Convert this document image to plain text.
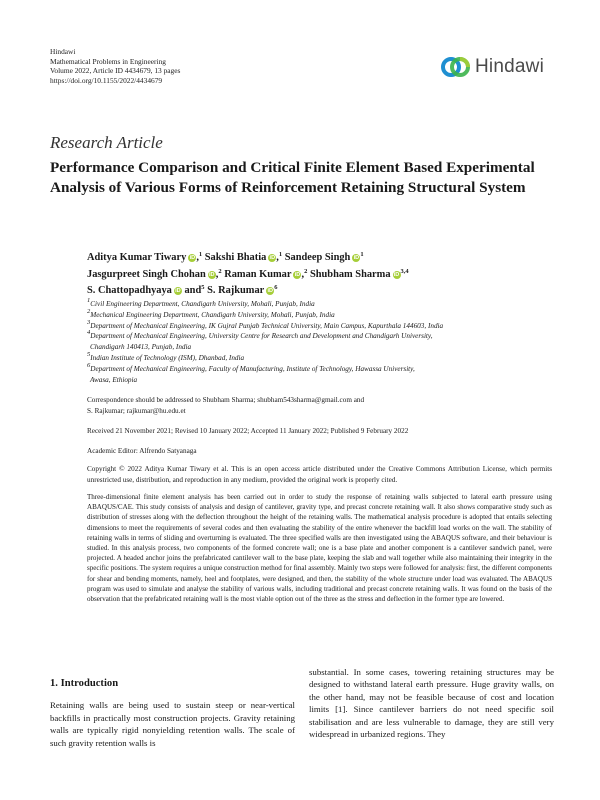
Hindawi
Mathematical Problems in Engineering
Volume 2022, Article ID 4434679, 13 pages
https://doi.org/10.1155/2022/4434679
Hindawi
Research Article
Performance Comparison and Critical Finite Element Based Experimental Analysis of Various Forms of Reinforcement Retaining Structural System
Aditya Kumar Tiwary iD,$^1$ Sakshi Bhatia iD,$^1$ Sandeep Singh $iD^1$
Jasgurpreet Singh Chohan iD,$^2$ Raman Kumar iD,$^2$ Shubham Sharma iD$^{3,4}$
S. Chattopadhyaya iD and$^5$ S. Rajkumar $iD^6$
$^1$Civil Engineering Department, Chandigarh University, Mohali, Punjab, India
$^2$Mechanical Engineering Department, Chandigarh University, Mohali, Punjab, India
$^3$Department of Mechanical Engineering, IK Gujral Punjab Technical University, Main Campus, Kapurthala 144603, India
$^4$Department of Mechanical Engineering, University Centre for Research and Development and Chandigarh University,
Chandigarh 140413, Punjab, India
$^5$Indian Institute of Technology (ISM), Dhanbad, India
$^6$Department of Mechanical Engineering, Faculty of Manufacturing, Institute of Technology, Hawassa University,
Awasa, Ethiopia
Correspondence should be addressed to Shubham Sharma; shubham543sharma@gmail.com and
S. Rajkumar; rajkumar@hu.edu.et
Received 21 November 2021; Revised 10 January 2022; Accepted 11 January 2022; Published 9 February 2022
Academic Editor: Alfrendo Satyanaga
Copyright © 2022 Aditya Kumar Tiwary et al. This is an open access article distributed under the Creative Commons Attribution License, which permits unrestricted use, distribution, and reproduction in any medium, provided the original work is properly cited.
Three-dimensional finite element analysis has been carried out in order to study the response of retaining walls subjected to lateral earth pressure using ABAQUS/CAE. This study consists of analysis and design of cantilever, gravity type, and precast concrete retaining wall. It also shows comparative study such as distribution of stresses along with the deflection throughout the height of the retaining walls. The mathematical analysis procedure is adopted that entails selecting dimensions to meet the requirements of several codes and then evaluating the stability of the entire whenever the backfill load works on the wall. The stability of retaining walls in terms of sliding and overturning is evaluated. The three specified walls are then investigated using the ABAQUS software, and their behaviour is studied. In this analysis process, two components of the formed concrete wall; one is a base plate and another component is a cantilever sandwich panel, were projected. A headed anchor joins the prefabricated cantilever wall to the base plate, keeping the slab and wall together while also maintaining their integrity in the specific positions. The system requires a unique construction method for final assembly. Mainly two steps were followed for analysis: first, the different components for shear and bending moments, namely, heel and footplates, were designed, and then, the stability of the whole structure under load was evaluated. The ABAQUS program was used to simulate and analyse the stability of various walls, including traditional and precast concrete retaining walls. It was found on the basis of the observation that the prefabricated retaining wall is the most viable option out of the three as the stress and deflection in the former type are lowered.
1. Introduction
Retaining walls are being used to sustain steep or near-vertical backfills in practically most construction projects. Gravity retaining walls are typically rigid nonyielding retention walls. The scale of such gravity retention walls is
substantial. In some cases, towering retaining structures may be designed to withstand lateral earth pressure. Huge gravity walls, on the other hand, may not be feasible because of cost and location limits [1]. Since cantilever barriers do not need specific soil stabilisation and are less vulnerable to damage, they are still very widespread in urbanized regions. They
